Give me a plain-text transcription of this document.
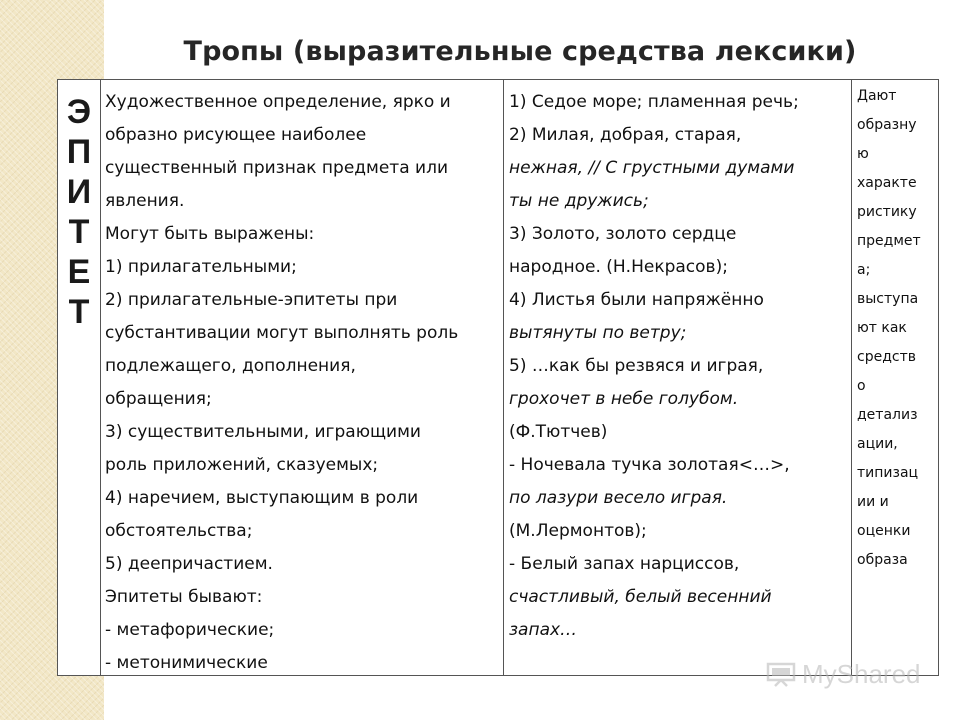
Тропы (выразительные средства лексики)
Э
П
И
Т
Е
Т
Художественное определение, ярко и
образно рисующее наиболее
существенный признак предмета или
явления.
Могут быть выражены:
1) прилагательными;
2) прилагательные-эпитеты при
субстантивации могут выполнять роль
подлежащего, дополнения,
обращения;
3) существительными, играющими
роль приложений, сказуемых;
4) наречием, выступающим в роли
обстоятельства;
5) деепричастием.
Эпитеты бывают:
- метафорические;
- метонимические
1) Седое море; пламенная речь;
2) Милая, добрая, старая,
нежная, // С грустными думами
ты не дружись;
3) Золото, золото сердце
народное. (Н.Некрасов);
4) Листья были напряжённо
вытянуты по ветру;
5) …как бы резвяся и играя,
грохочет в небе голубом.
(Ф.Тютчев)
- Ночевала тучка золотая<…>,
по лазури весело играя.
(М.Лермонтов);
- Белый запах нарциссов,
счастливый, белый весенний
запах…
Дают
образну
ю
характе
ристику
предмет
а;
выступа
ют как
средств
о
детализ
ации,
типизац
ии и
оценки
образа
MyShared
